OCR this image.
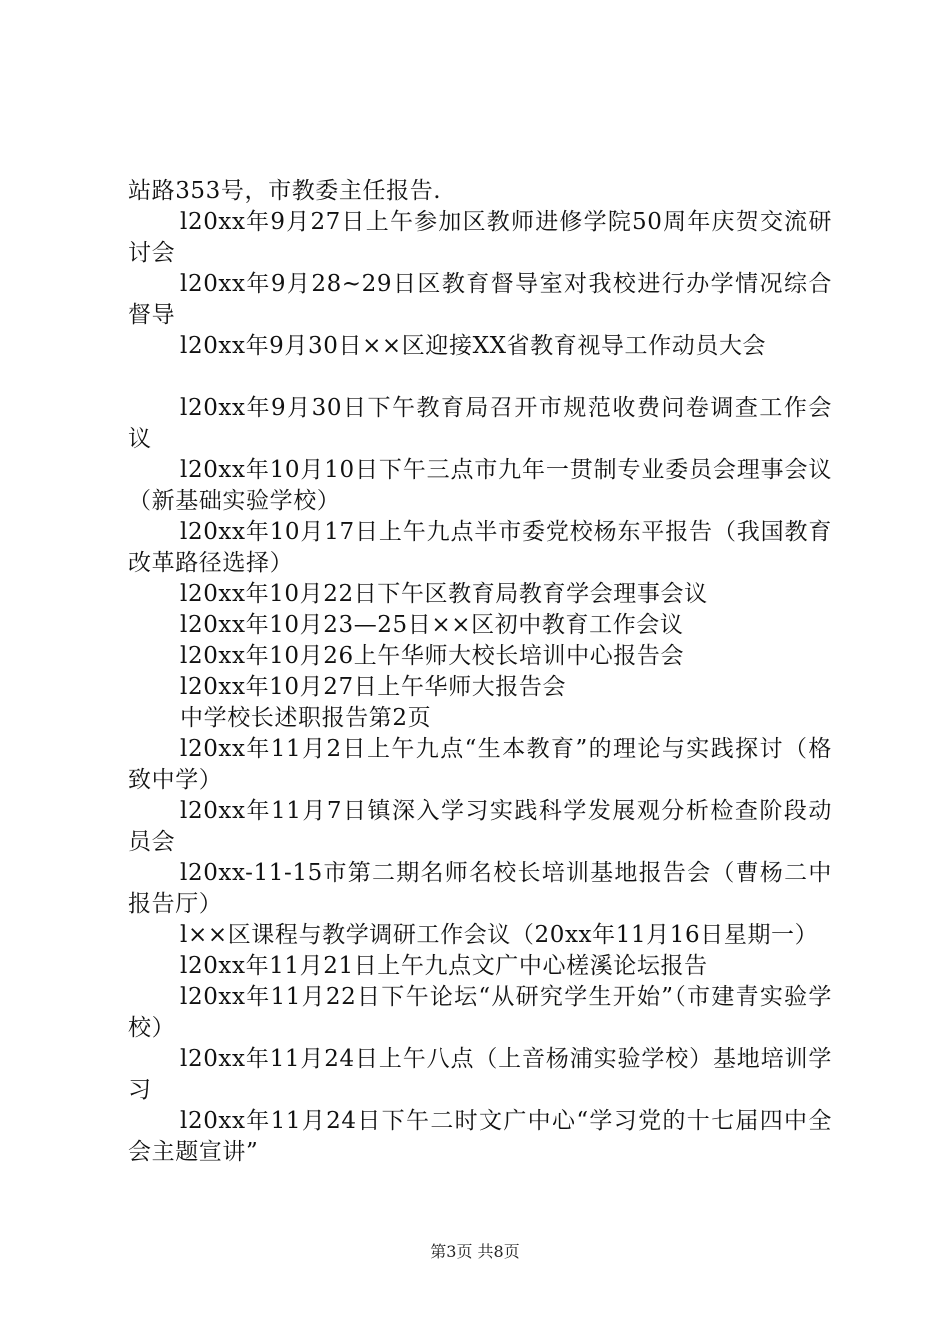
站路353号，市教委主任报告.

l20xx年9月27日上午参加区教师进修学院50周年庆贺交流研讨会

l20xx年9月28~29日区教育督导室对我校进行办学情况综合督导

l20xx年9月30日××区迎接XX省教育视导工作动员大会

l20xx年9月30日下午教育局召开市规范收费问卷调查工作会议

l20xx年10月10日下午三点市九年一贯制专业委员会理事会议（新基础实验学校）

l20xx年10月17日上午九点半市委党校杨东平报告（我国教育改革路径选择）

l20xx年10月22日下午区教育局教育学会理事会议

l20xx年10月23—25日××区初中教育工作会议

l20xx年10月26上午华师大校长培训中心报告会

l20xx年10月27日上午华师大报告会

中学校长述职报告第2页

l20xx年11月2日上午九点“生本教育”的理论与实践探讨（格致中学）

l20xx年11月7日镇深入学习实践科学发展观分析检查阶段动员会

l20xx-11-15市第二期名师名校长培训基地报告会（曹杨二中报告厅）

l××区课程与教学调研工作会议（20xx年11月16日星期一）

l20xx年11月21日上午九点文广中心槎溪论坛报告

l20xx年11月22日下午论坛“从研究学生开始”（市建青实验学校）

l20xx年11月24日上午八点（上音杨浦实验学校）基地培训学习

l20xx年11月24日下午二时文广中心“学习党的十七届四中全会主题宣讲”

第3页 共8页
